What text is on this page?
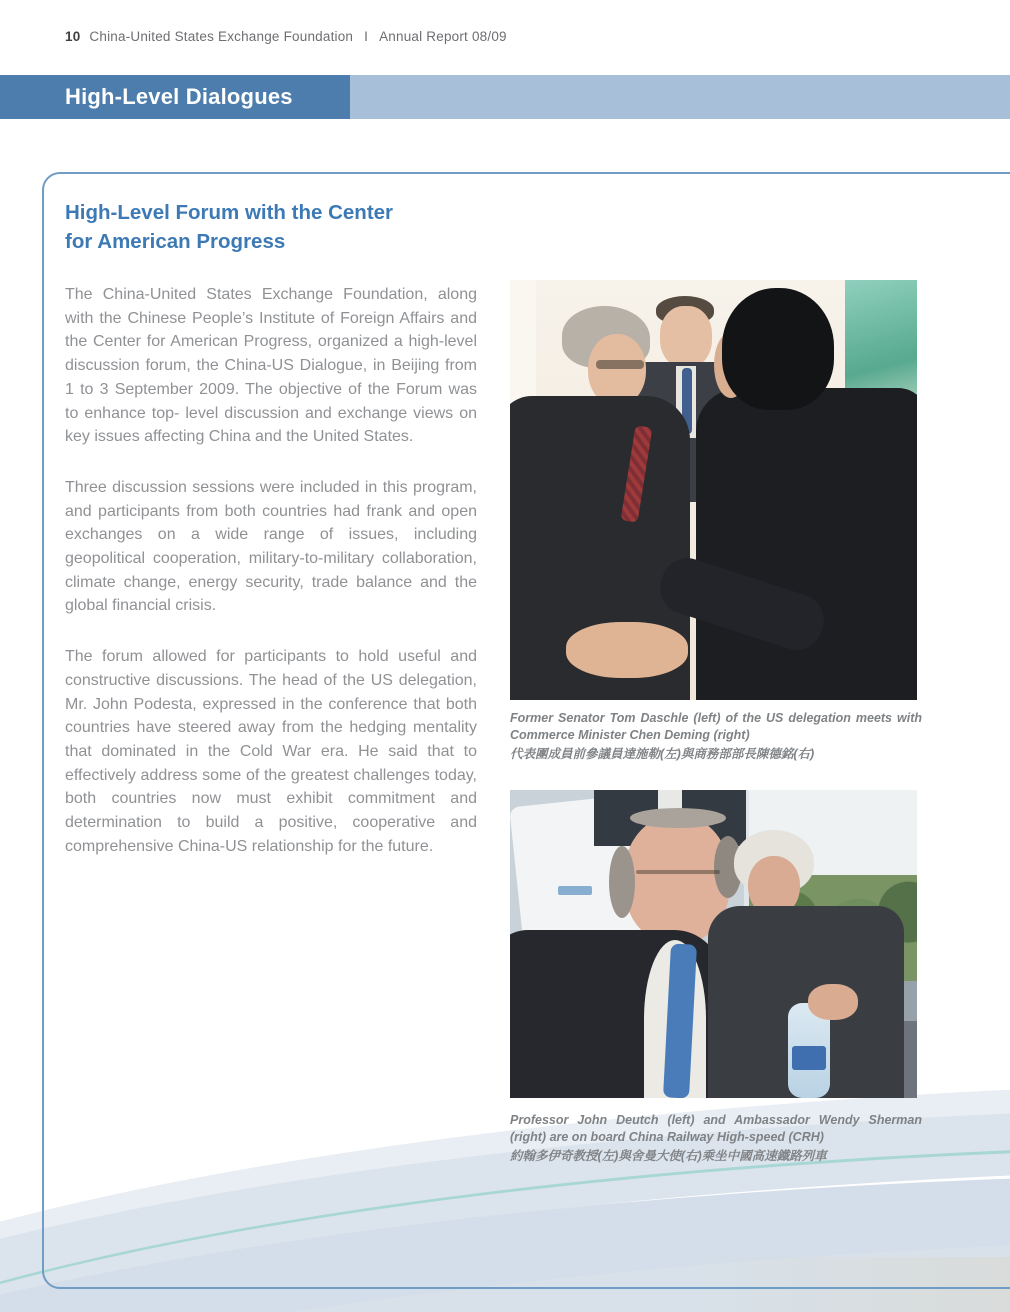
10 China-United States Exchange Foundation I Annual Report 08/09
High-Level Dialogues
High-Level Forum with the Center
for American Progress

The China-United States Exchange Foundation, along with the Chinese People’s Institute of Foreign Affairs and the Center for American Progress, organized a high-level discussion forum, the China-US Dialogue, in Beijing from 1 to 3 September 2009. The objective of the Forum was to enhance top- level discussion and exchange views on key issues affecting China and the United States.

Three discussion sessions were included in this program, and participants from both countries had frank and open exchanges on a wide range of issues, including geopolitical cooperation, military-to-military collaboration, climate change, energy security, trade balance and the global financial crisis.

The forum allowed for participants to hold useful and constructive discussions. The head of the US delegation, Mr. John Podesta, expressed in the conference that both countries have steered away from the hedging mentality that dominated in the Cold War era. He said that to effectively address some of the greatest challenges today, both countries now must exhibit commitment and determination to build a positive, cooperative and comprehensive China-US relationship for the future.

Former Senator Tom Daschle (left) of the US delegation meets with Commerce Minister Chen Deming (right)

代表團成員前參議員達施勒(左)與商務部部長陳德銘(右)

Professor John Deutch (left) and Ambassador Wendy Sherman (right) are on board China Railway High-speed (CRH)

約翰多伊奇教授(左)與舍曼大使(右)乘坐中國高速鐵路列車
